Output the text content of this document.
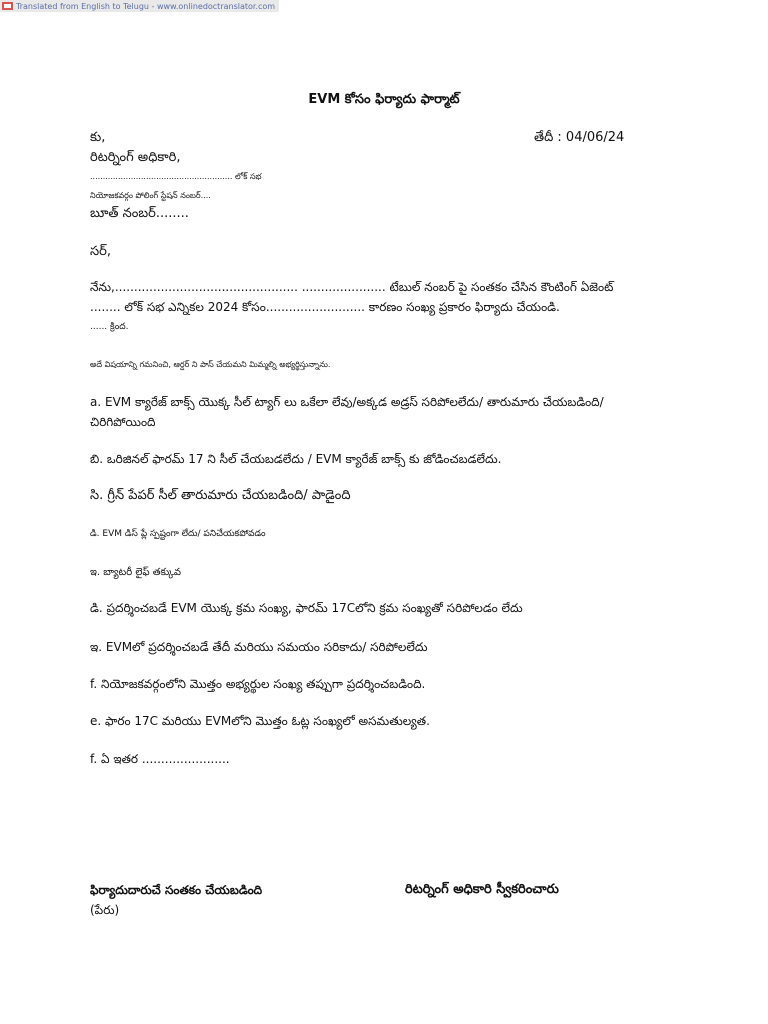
Translated from English to Telugu - www.onlinedoctranslator.com
EVM కోసం ఫిర్యాదు ఫార్మాట్
కు,	తేదీ : 04/06/24
రిటర్నింగ్ అధికారి,
........................................................ లోక్ సభ
నియోజకవర్గం పోలింగ్ స్టేషన్ నంబర్....
బూత్ నంబర్........
సర్,
నేను,................................................ ...................... టేబుల్ నంబర్ పై సంతకం చేసిన కౌంటింగ్ ఏజెంట్
........ లోక్ సభ ఎన్నికల 2024 కోసం.......................... కారణం సంఖ్య ప్రకారం ఫిర్యాదు చేయండి.
...... క్రింద.
అదే విషయాన్ని గమనించి, ఆర్డర్ ని పాస్ చేయమని మిమ్మల్ని అభ్యర్థిస్తున్నాను.
a. EVM క్యారేజ్ బాక్స్ యొక్క సీల్ ట్యాగ్ లు ఒకేలా లేవు/అక్కడ అడ్రస్ సరిపోలలేదు/ తారుమారు చేయబడింది/
చిరిగిపోయింది
బి. ఒరిజినల్ ఫారమ్ 17 ని సీల్ చేయబడలేదు / EVM క్యారేజ్ బాక్స్ కు జోడించబడలేదు.
సి. గ్రీన్ పేపర్ సీల్ తారుమారు చేయబడింది/ పాడైంది
డి. EVM డిస్ ప్లే స్పష్టంగా లేదు/ పనిచేయకపోవడం
ఇ. బ్యాటరీ లైఫ్ తక్కువ
డి. ప్రదర్శించబడే EVM యొక్క క్రమ సంఖ్య, ఫారమ్ 17Cలోని క్రమ సంఖ్యతో సరిపోలడం లేదు
ఇ. EVMలో ప్రదర్శించబడే తేదీ మరియు సమయం సరికాదు/ సరిపోలలేదు
f. నియోజకవర్గంలోని మొత్తం అభ్యర్థుల సంఖ్య తప్పుగా ప్రదర్శించబడింది.
e. ఫారం 17C మరియు EVMలోని మొత్తం ఓట్ల సంఖ్యలో అసమతుల్యత.
f. ఏ ఇతర .......................
ఫిర్యాదుదారుచే సంతకం చేయబడింది	రిటర్నింగ్ అధికారి స్వీకరించారు
(పేరు)
